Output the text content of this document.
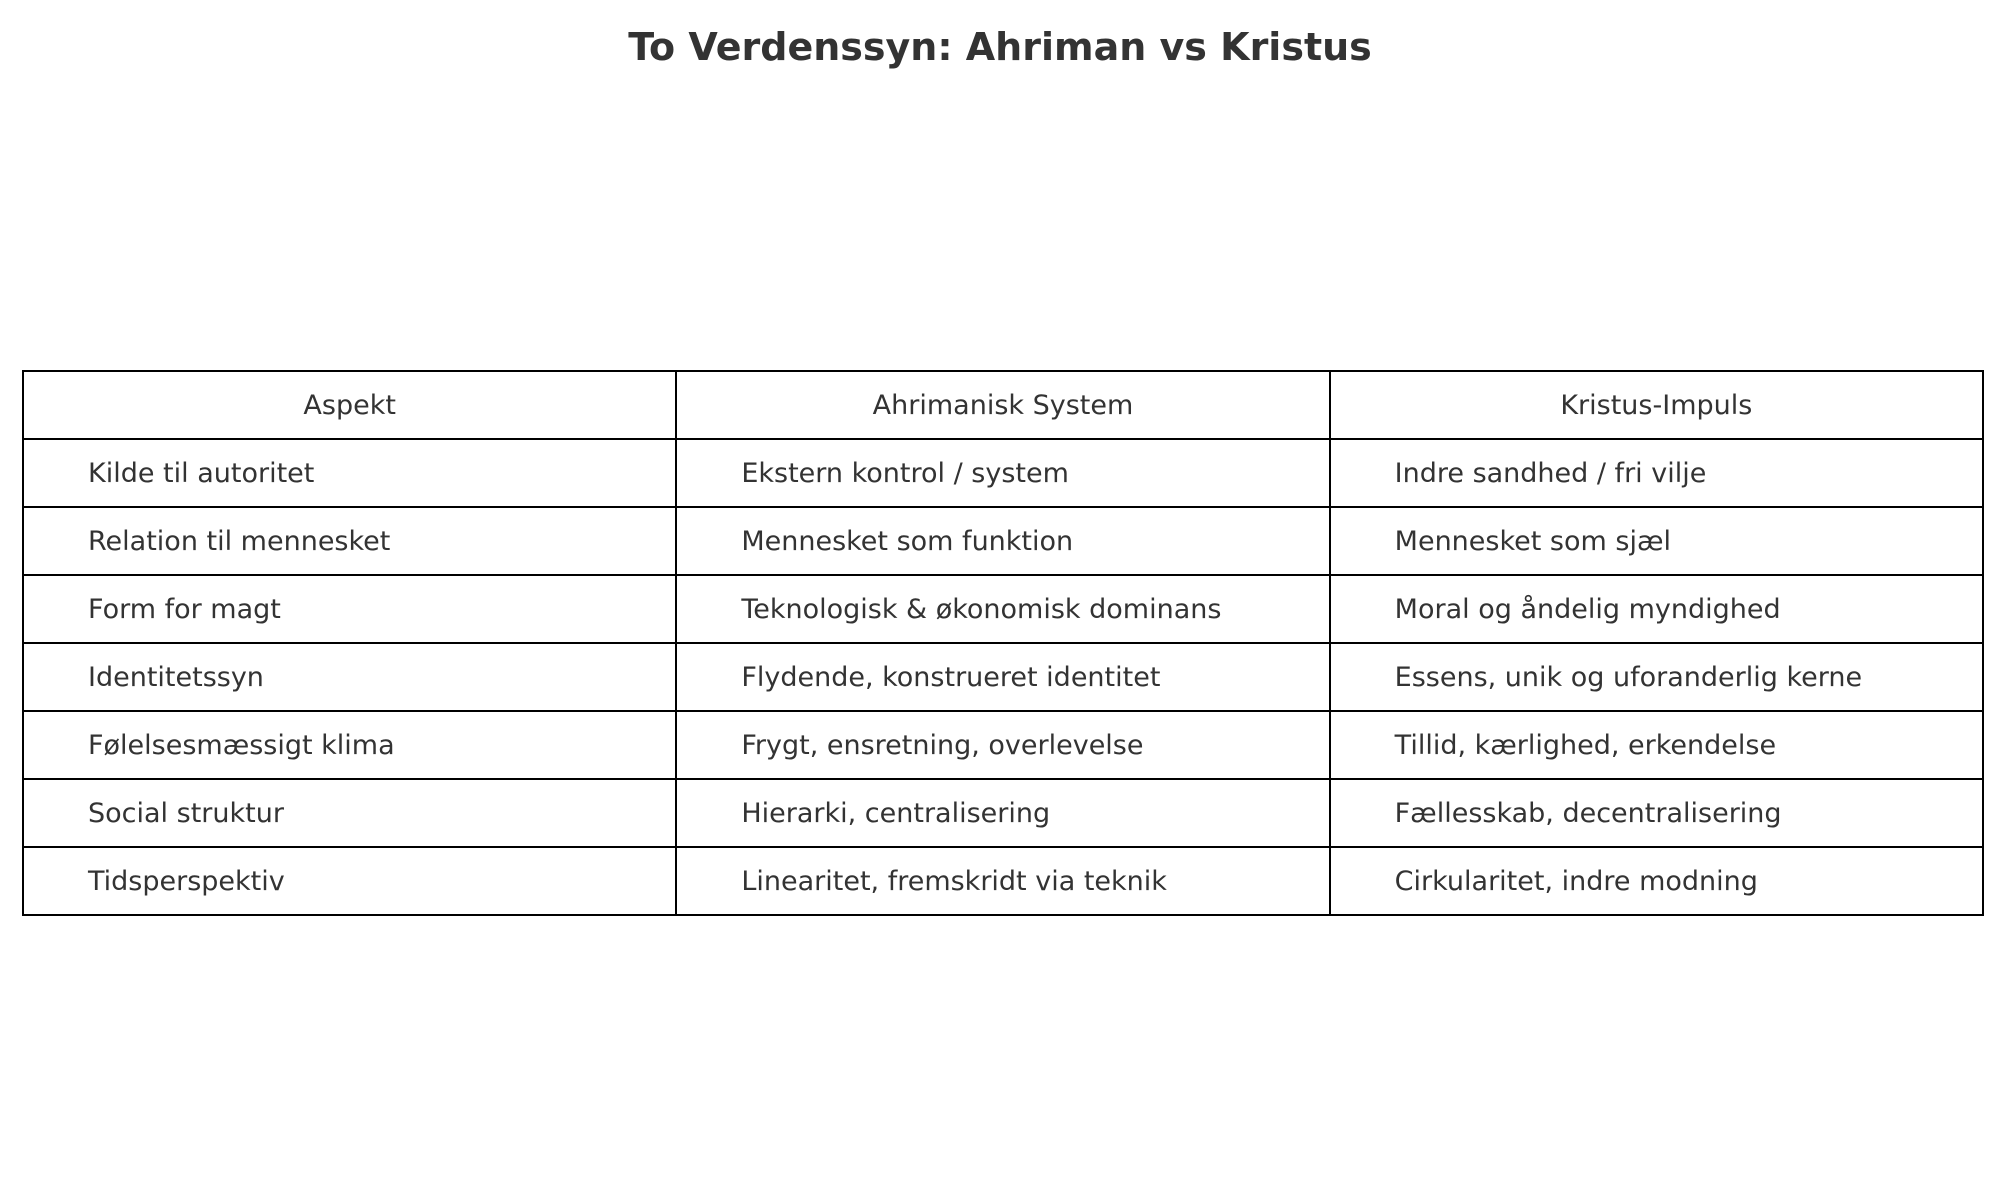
To Verdenssyn: Ahriman vs Kristus
Aspekt	Ahrimanisk System	Kristus-Impuls
Kilde til autoritet	Ekstern kontrol / system	Indre sandhed / fri vilje
Relation til mennesket	Mennesket som funktion	Mennesket som sjæl
Form for magt	Teknologisk & økonomisk dominans	Moral og åndelig myndighed
Identitetssyn	Flydende, konstrueret identitet	Essens, unik og uforanderlig kerne
Følelsesmæssigt klima	Frygt, ensretning, overlevelse	Tillid, kærlighed, erkendelse
Social struktur	Hierarki, centralisering	Fællesskab, decentralisering
Tidsperspektiv	Linearitet, fremskridt via teknik	Cirkularitet, indre modning
